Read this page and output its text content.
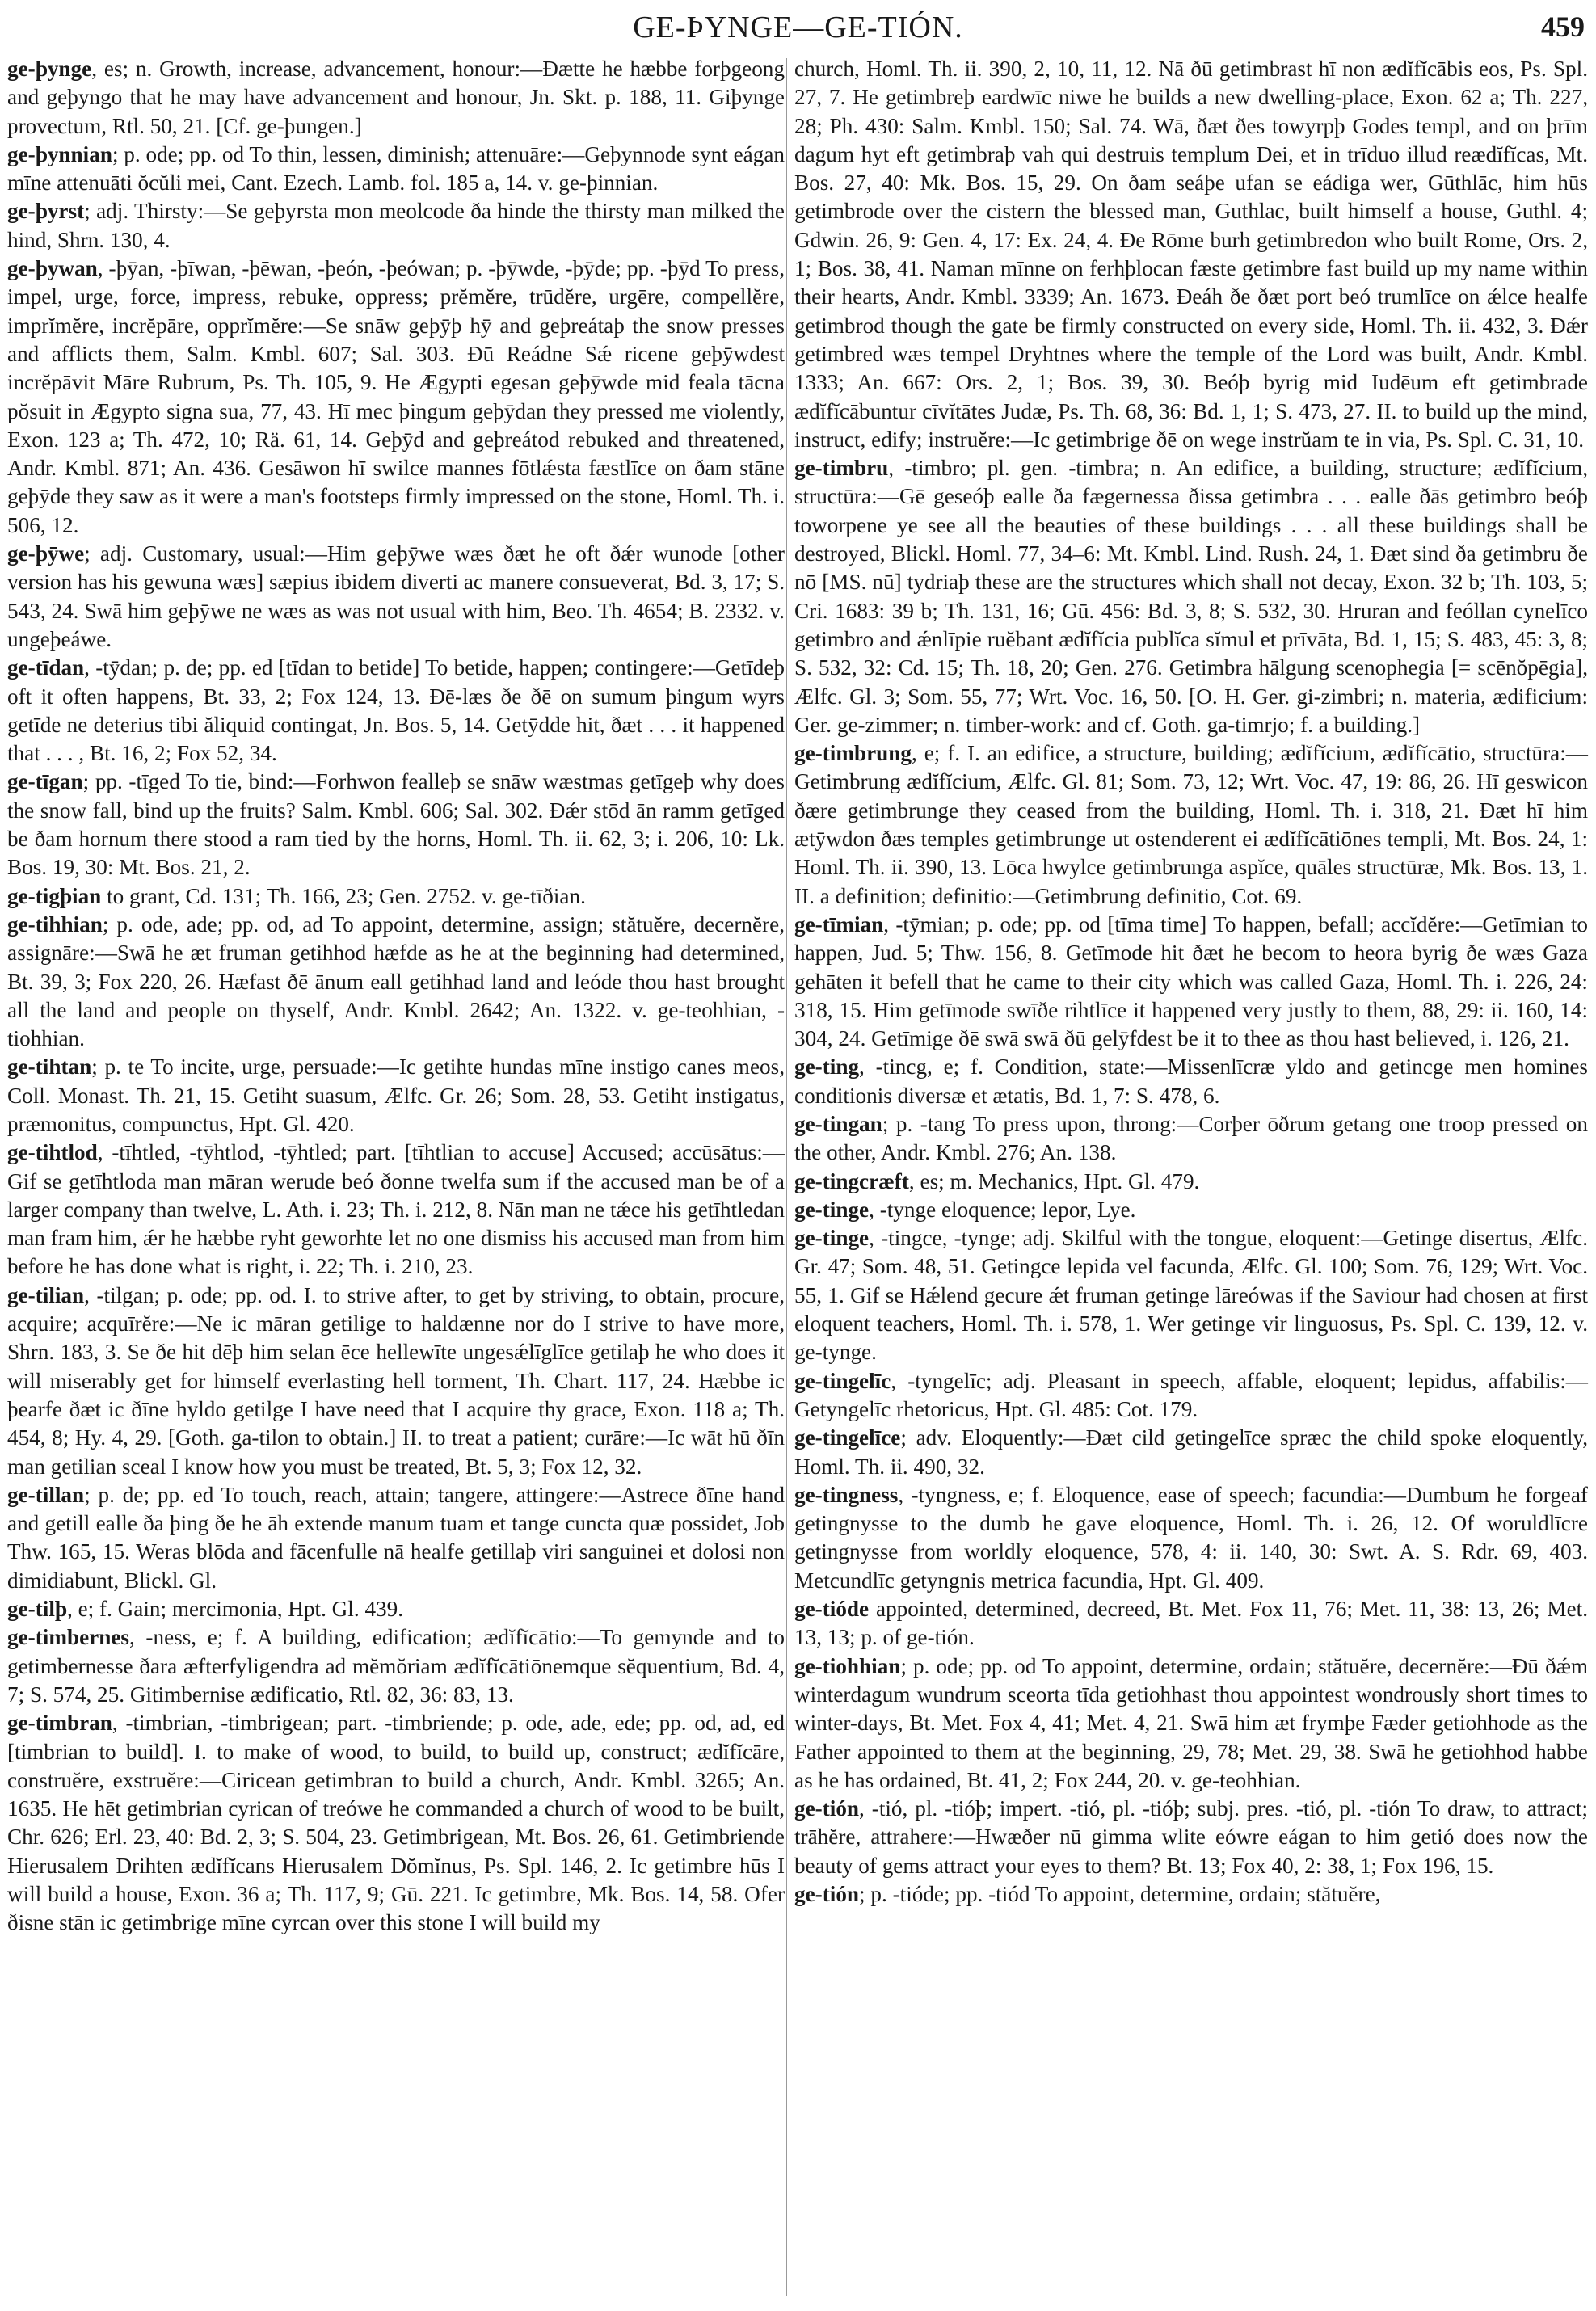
GE-ÞYNGE—GE-TIÓN.	459

ge-þynge, es; n. Growth, increase, advancement, honour:—Ðætte he hæbbe forþgeong and geþyngo that he may have advancement and honour, Jn. Skt. p. 188, 11. Giþynge provectum, Rtl. 50, 21. [Cf. ge-þungen.]

ge-þynnian; p. ode; pp. od To thin, lessen, diminish; attenuāre:—Geþynnode synt eágan mīne attenuāti ŏcŭli mei, Cant. Ezech. Lamb. fol. 185 a, 14. v. ge-þinnian.

ge-þyrst; adj. Thirsty:—Se geþyrsta mon meolcode ða hinde the thirsty man milked the hind, Shrn. 130, 4.

ge-þywan, -þȳan, -þīwan, -þēwan, -þeón, -þeówan; p. -þȳwde, -þȳde; pp. -þȳd To press, impel, urge, force, impress, rebuke, oppress; prĕmĕre, trūdĕre, urgēre, compellĕre, imprĭmĕre, incrĕpāre, opprĭmĕre:—Se snāw geþȳþ hȳ and geþreátaþ the snow presses and afflicts them, Salm. Kmbl. 607; Sal. 303. Ðū Reádne Sǽ ricene geþȳwdest incrĕpāvit Māre Rubrum, Ps. Th. 105, 9. He Ægypti egesan geþȳwde mid feala tācna pŏsuit in Ægypto signa sua, 77, 43. Hī mec þingum geþȳdan they pressed me violently, Exon. 123 a; Th. 472, 10; Rä. 61, 14. Geþȳd and geþreátod rebuked and threatened, Andr. Kmbl. 871; An. 436. Gesāwon hī swilce mannes fōtlǽsta fæstlīce on ðam stāne geþȳde they saw as it were a man's footsteps firmly impressed on the stone, Homl. Th. i. 506, 12.

ge-þȳwe; adj. Customary, usual:—Him geþȳwe wæs ðæt he oft ðǽr wunode [other version has his gewuna wæs] sæpius ibidem diverti ac manere consueverat, Bd. 3, 17; S. 543, 24. Swā him geþȳwe ne wæs as was not usual with him, Beo. Th. 4654; B. 2332. v. ungeþeáwe.

ge-tīdan, -tȳdan; p. de; pp. ed [tīdan to betide] To betide, happen; contingere:—Getīdeþ oft it often happens, Bt. 33, 2; Fox 124, 13. Ðē-læs ðe ðē on sumum þingum wyrs getīde ne deterius tibi ăliquid contingat, Jn. Bos. 5, 14. Getȳdde hit, ðæt . . . it happened that . . . , Bt. 16, 2; Fox 52, 34.

ge-tīgan; pp. -tīged To tie, bind:—Forhwon fealleþ se snāw wæstmas getīgeþ why does the snow fall, bind up the fruits? Salm. Kmbl. 606; Sal. 302. Ðǽr stōd ān ramm getīged be ðam hornum there stood a ram tied by the horns, Homl. Th. ii. 62, 3; i. 206, 10: Lk. Bos. 19, 30: Mt. Bos. 21, 2.

ge-tigþian to grant, Cd. 131; Th. 166, 23; Gen. 2752. v. ge-tīðian.

ge-tihhian; p. ode, ade; pp. od, ad To appoint, determine, assign; stătuĕre, decernĕre, assignāre:—Swā he æt fruman getihhod hæfde as he at the beginning had determined, Bt. 39, 3; Fox 220, 26. Hæfast ðē ānum eall getihhad land and leóde thou hast brought all the land and people on thyself, Andr. Kmbl. 2642; An. 1322. v. ge-teohhian, -tiohhian.

ge-tihtan; p. te To incite, urge, persuade:—Ic getihte hundas mīne instigo canes meos, Coll. Monast. Th. 21, 15. Getiht suasum, Ælfc. Gr. 26; Som. 28, 53. Getiht instigatus, præmonitus, compunctus, Hpt. Gl. 420.

ge-tihtlod, -tīhtled, -tȳhtlod, -tȳhtled; part. [tīhtlian to accuse] Accused; accūsātus:—Gif se getīhtloda man māran werude beó ðonne twelfa sum if the accused man be of a larger company than twelve, L. Ath. i. 23; Th. i. 212, 8. Nān man ne tǽce his getīhtledan man fram him, ǽr he hæbbe ryht geworhte let no one dismiss his accused man from him before he has done what is right, i. 22; Th. i. 210, 23.

ge-tilian, -tilgan; p. ode; pp. od. I. to strive after, to get by striving, to obtain, procure, acquire; acquīrĕre:—Ne ic māran getilige to haldænne nor do I strive to have more, Shrn. 183, 3. Se ðe hit dēþ him selan ēce hellewīte ungesǽlīglīce getilaþ he who does it will miserably get for himself everlasting hell torment, Th. Chart. 117, 24. Hæbbe ic þearfe ðæt ic ðīne hyldo getilge I have need that I acquire thy grace, Exon. 118 a; Th. 454, 8; Hy. 4, 29. [Goth. ga-tilon to obtain.] II. to treat a patient; curāre:—Ic wāt hū ðīn man getilian sceal I know how you must be treated, Bt. 5, 3; Fox 12, 32.

ge-tillan; p. de; pp. ed To touch, reach, attain; tangere, attingere:—Astrece ðīne hand and getill ealle ða þing ðe he āh extende manum tuam et tange cuncta quæ possidet, Job Thw. 165, 15. Weras blōda and fācenfulle nā healfe getillaþ viri sanguinei et dolosi non dimidiabunt, Blickl. Gl.

ge-tilþ, e; f. Gain; mercimonia, Hpt. Gl. 439.

ge-timbernes, -ness, e; f. A building, edification; ædĭfĭcātio:—To gemynde and to getimbernesse ðara æfterfyligendra ad mĕmŏriam ædĭfĭcātiōnemque sĕquentium, Bd. 4, 7; S. 574, 25. Gitimbernise ædificatio, Rtl. 82, 36: 83, 13.

ge-timbran, -timbrian, -timbrigean; part. -timbriende; p. ode, ade, ede; pp. od, ad, ed [timbrian to build]. I. to make of wood, to build, to build up, construct; ædĭfĭcāre, construĕre, exstruĕre:—Ciricean getimbran to build a church, Andr. Kmbl. 3265; An. 1635. He hēt getimbrian cyrican of treówe he commanded a church of wood to be built, Chr. 626; Erl. 23, 40: Bd. 2, 3; S. 504, 23. Getimbrigean, Mt. Bos. 26, 61. Getimbriende Hierusalem Drihten ædĭfĭcans Hierusalem Dŏmĭnus, Ps. Spl. 146, 2. Ic getimbre hūs I will build a house, Exon. 36 a; Th. 117, 9; Gū. 221. Ic getimbre, Mk. Bos. 14, 58. Ofer ðisne stān ic getimbrige mīne cyrcan over this stone I will build my

church, Homl. Th. ii. 390, 2, 10, 11, 12. Nā ðū getimbrast hī non ædĭfĭcābis eos, Ps. Spl. 27, 7. He getimbreþ eardwīc niwe he builds a new dwelling-place, Exon. 62 a; Th. 227, 28; Ph. 430: Salm. Kmbl. 150; Sal. 74. Wā, ðæt ðes towyrpþ Godes templ, and on þrīm dagum hyt eft getimbraþ vah qui destruis templum Dei, et in trīduo illud reædĭfĭcas, Mt. Bos. 27, 40: Mk. Bos. 15, 29. On ðam seáþe ufan se eádiga wer, Gūthlāc, him hūs getimbrode over the cistern the blessed man, Guthlac, built himself a house, Guthl. 4; Gdwin. 26, 9: Gen. 4, 17: Ex. 24, 4. Ðe Rōme burh getimbredon who built Rome, Ors. 2, 1; Bos. 38, 41. Naman mīnne on ferhþlocan fæste getimbre fast build up my name within their hearts, Andr. Kmbl. 3339; An. 1673. Ðeáh ðe ðæt port beó trumlīce on ǽlce healfe getimbrod though the gate be firmly constructed on every side, Homl. Th. ii. 432, 3. Ðǽr getimbred wæs tempel Dryhtnes where the temple of the Lord was built, Andr. Kmbl. 1333; An. 667: Ors. 2, 1; Bos. 39, 30. Beóþ byrig mid Iudēum eft getimbrade ædĭfĭcābuntur cīvĭtātes Judæ, Ps. Th. 68, 36: Bd. 1, 1; S. 473, 27. II. to build up the mind, instruct, edify; instruĕre:—Ic getimbrige ðē on wege instrŭam te in via, Ps. Spl. C. 31, 10.

ge-timbru, -timbro; pl. gen. -timbra; n. An edifice, a building, structure; ædĭfĭcium, structūra:—Gē geseóþ ealle ða fægernessa ðissa getimbra . . . ealle ðās getimbro beóþ toworpene ye see all the beauties of these buildings . . . all these buildings shall be destroyed, Blickl. Homl. 77, 34–6: Mt. Kmbl. Lind. Rush. 24, 1. Ðæt sind ða getimbru ðe nō [MS. nū] tydriaþ these are the structures which shall not decay, Exon. 32 b; Th. 103, 5; Cri. 1683: 39 b; Th. 131, 16; Gū. 456: Bd. 3, 8; S. 532, 30. Hruran and feóllan cynelīco getimbro and ǽnlīpie ruĕbant ædĭfĭcia publĭca sĭmul et prīvāta, Bd. 1, 15; S. 483, 45: 3, 8; S. 532, 32: Cd. 15; Th. 18, 20; Gen. 276. Getimbra hālgung scenophegia [= scēnŏpēgia], Ælfc. Gl. 3; Som. 55, 77; Wrt. Voc. 16, 50. [O. H. Ger. gi-zimbri; n. materia, ædificium: Ger. ge-zimmer; n. timber-work: and cf. Goth. ga-timrjo; f. a building.]

ge-timbrung, e; f. I. an edifice, a structure, building; ædĭfĭcium, ædĭfĭcātio, structūra:—Getimbrung ædĭfĭcium, Ælfc. Gl. 81; Som. 73, 12; Wrt. Voc. 47, 19: 86, 26. Hī geswicon ðære getimbrunge they ceased from the building, Homl. Th. i. 318, 21. Ðæt hī him ætȳwdon ðæs temples getimbrunge ut ostenderent ei ædĭfĭcātiōnes templi, Mt. Bos. 24, 1: Homl. Th. ii. 390, 13. Lōca hwylce getimbrunga aspĭce, quāles structūræ, Mk. Bos. 13, 1. II. a definition; definitio:—Getimbrung definitio, Cot. 69.

ge-tīmian, -tȳmian; p. ode; pp. od [tīma time] To happen, befall; accĭdĕre:—Getīmian to happen, Jud. 5; Thw. 156, 8. Getīmode hit ðæt he becom to heora byrig ðe wæs Gaza gehāten it befell that he came to their city which was called Gaza, Homl. Th. i. 226, 24: 318, 15. Him getīmode swīðe rihtlīce it happened very justly to them, 88, 29: ii. 160, 14: 304, 24. Getīmige ðē swā swā ðū gelȳfdest be it to thee as thou hast believed, i. 126, 21.

ge-ting, -tincg, e; f. Condition, state:—Missenlīcræ yldo and getincge men homines conditionis diversæ et ætatis, Bd. 1, 7: S. 478, 6.

ge-tingan; p. -tang To press upon, throng:—Corþer ōðrum getang one troop pressed on the other, Andr. Kmbl. 276; An. 138.

ge-tingcræft, es; m. Mechanics, Hpt. Gl. 479.

ge-tinge, -tynge eloquence; lepor, Lye.

ge-tinge, -tingce, -tynge; adj. Skilful with the tongue, eloquent:—Getinge disertus, Ælfc. Gr. 47; Som. 48, 51. Getingce lepida vel facunda, Ælfc. Gl. 100; Som. 76, 129; Wrt. Voc. 55, 1. Gif se Hǽlend gecure ǽt fruman getinge lāreówas if the Saviour had chosen at first eloquent teachers, Homl. Th. i. 578, 1. Wer getinge vir linguosus, Ps. Spl. C. 139, 12. v. ge-tynge.

ge-tingelīc, -tyngelīc; adj. Pleasant in speech, affable, eloquent; lepidus, affabilis:—Getyngelīc rhetoricus, Hpt. Gl. 485: Cot. 179.

ge-tingelīce; adv. Eloquently:—Ðæt cild getingelīce spræc the child spoke eloquently, Homl. Th. ii. 490, 32.

ge-tingness, -tyngness, e; f. Eloquence, ease of speech; facundia:—Dumbum he forgeaf getingnysse to the dumb he gave eloquence, Homl. Th. i. 26, 12. Of woruldlīcre getingnysse from worldly eloquence, 578, 4: ii. 140, 30: Swt. A. S. Rdr. 69, 403. Metcundlīc getyngnis metrica facundia, Hpt. Gl. 409.

ge-tióde appointed, determined, decreed, Bt. Met. Fox 11, 76; Met. 11, 38: 13, 26; Met. 13, 13; p. of ge-tión.

ge-tiohhian; p. ode; pp. od To appoint, determine, ordain; stătuĕre, decernĕre:—Ðū ðǽm winterdagum wundrum sceorta tīda getiohhast thou appointest wondrously short times to winter-days, Bt. Met. Fox 4, 41; Met. 4, 21. Swā him æt frymþe Fæder getiohhode as the Father appointed to them at the beginning, 29, 78; Met. 29, 38. Swā he getiohhod habbe as he has ordained, Bt. 41, 2; Fox 244, 20. v. ge-teohhian.

ge-tión, -tió, pl. -tióþ; impert. -tió, pl. -tióþ; subj. pres. -tió, pl. -tión To draw, to attract; trāhĕre, attrahere:—Hwæðer nū gimma wlite eówre eágan to him getió does now the beauty of gems attract your eyes to them? Bt. 13; Fox 40, 2: 38, 1; Fox 196, 15.

ge-tión; p. -tióde; pp. -tiód To appoint, determine, ordain; stătuĕre,
